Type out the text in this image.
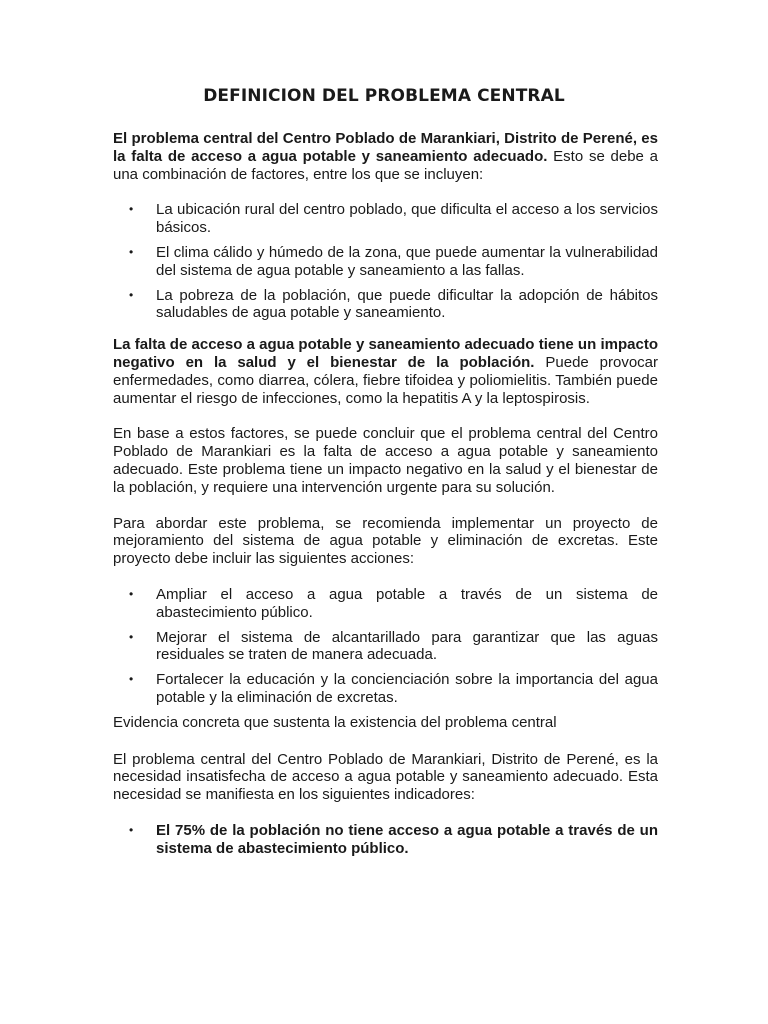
DEFINICION DEL PROBLEMA CENTRAL

El problema central del Centro Poblado de Marankiari, Distrito de Perené, es la falta de acceso a agua potable y saneamiento adecuado. Esto se debe a una combinación de factores, entre los que se incluyen:

• La ubicación rural del centro poblado, que dificulta el acceso a los servicios básicos.
• El clima cálido y húmedo de la zona, que puede aumentar la vulnerabilidad del sistema de agua potable y saneamiento a las fallas.
• La pobreza de la población, que puede dificultar la adopción de hábitos saludables de agua potable y saneamiento.

La falta de acceso a agua potable y saneamiento adecuado tiene un impacto negativo en la salud y el bienestar de la población. Puede provocar enfermedades, como diarrea, cólera, fiebre tifoidea y poliomielitis. También puede aumentar el riesgo de infecciones, como la hepatitis A y la leptospirosis.

En base a estos factores, se puede concluir que el problema central del Centro Poblado de Marankiari es la falta de acceso a agua potable y saneamiento adecuado. Este problema tiene un impacto negativo en la salud y el bienestar de la población, y requiere una intervención urgente para su solución.

Para abordar este problema, se recomienda implementar un proyecto de mejoramiento del sistema de agua potable y eliminación de excretas. Este proyecto debe incluir las siguientes acciones:

• Ampliar el acceso a agua potable a través de un sistema de abastecimiento público.
• Mejorar el sistema de alcantarillado para garantizar que las aguas residuales se traten de manera adecuada.
• Fortalecer la educación y la concienciación sobre la importancia del agua potable y la eliminación de excretas.

Evidencia concreta que sustenta la existencia del problema central

El problema central del Centro Poblado de Marankiari, Distrito de Perené, es la necesidad insatisfecha de acceso a agua potable y saneamiento adecuado. Esta necesidad se manifiesta en los siguientes indicadores:

• El 75% de la población no tiene acceso a agua potable a través de un sistema de abastecimiento público.
